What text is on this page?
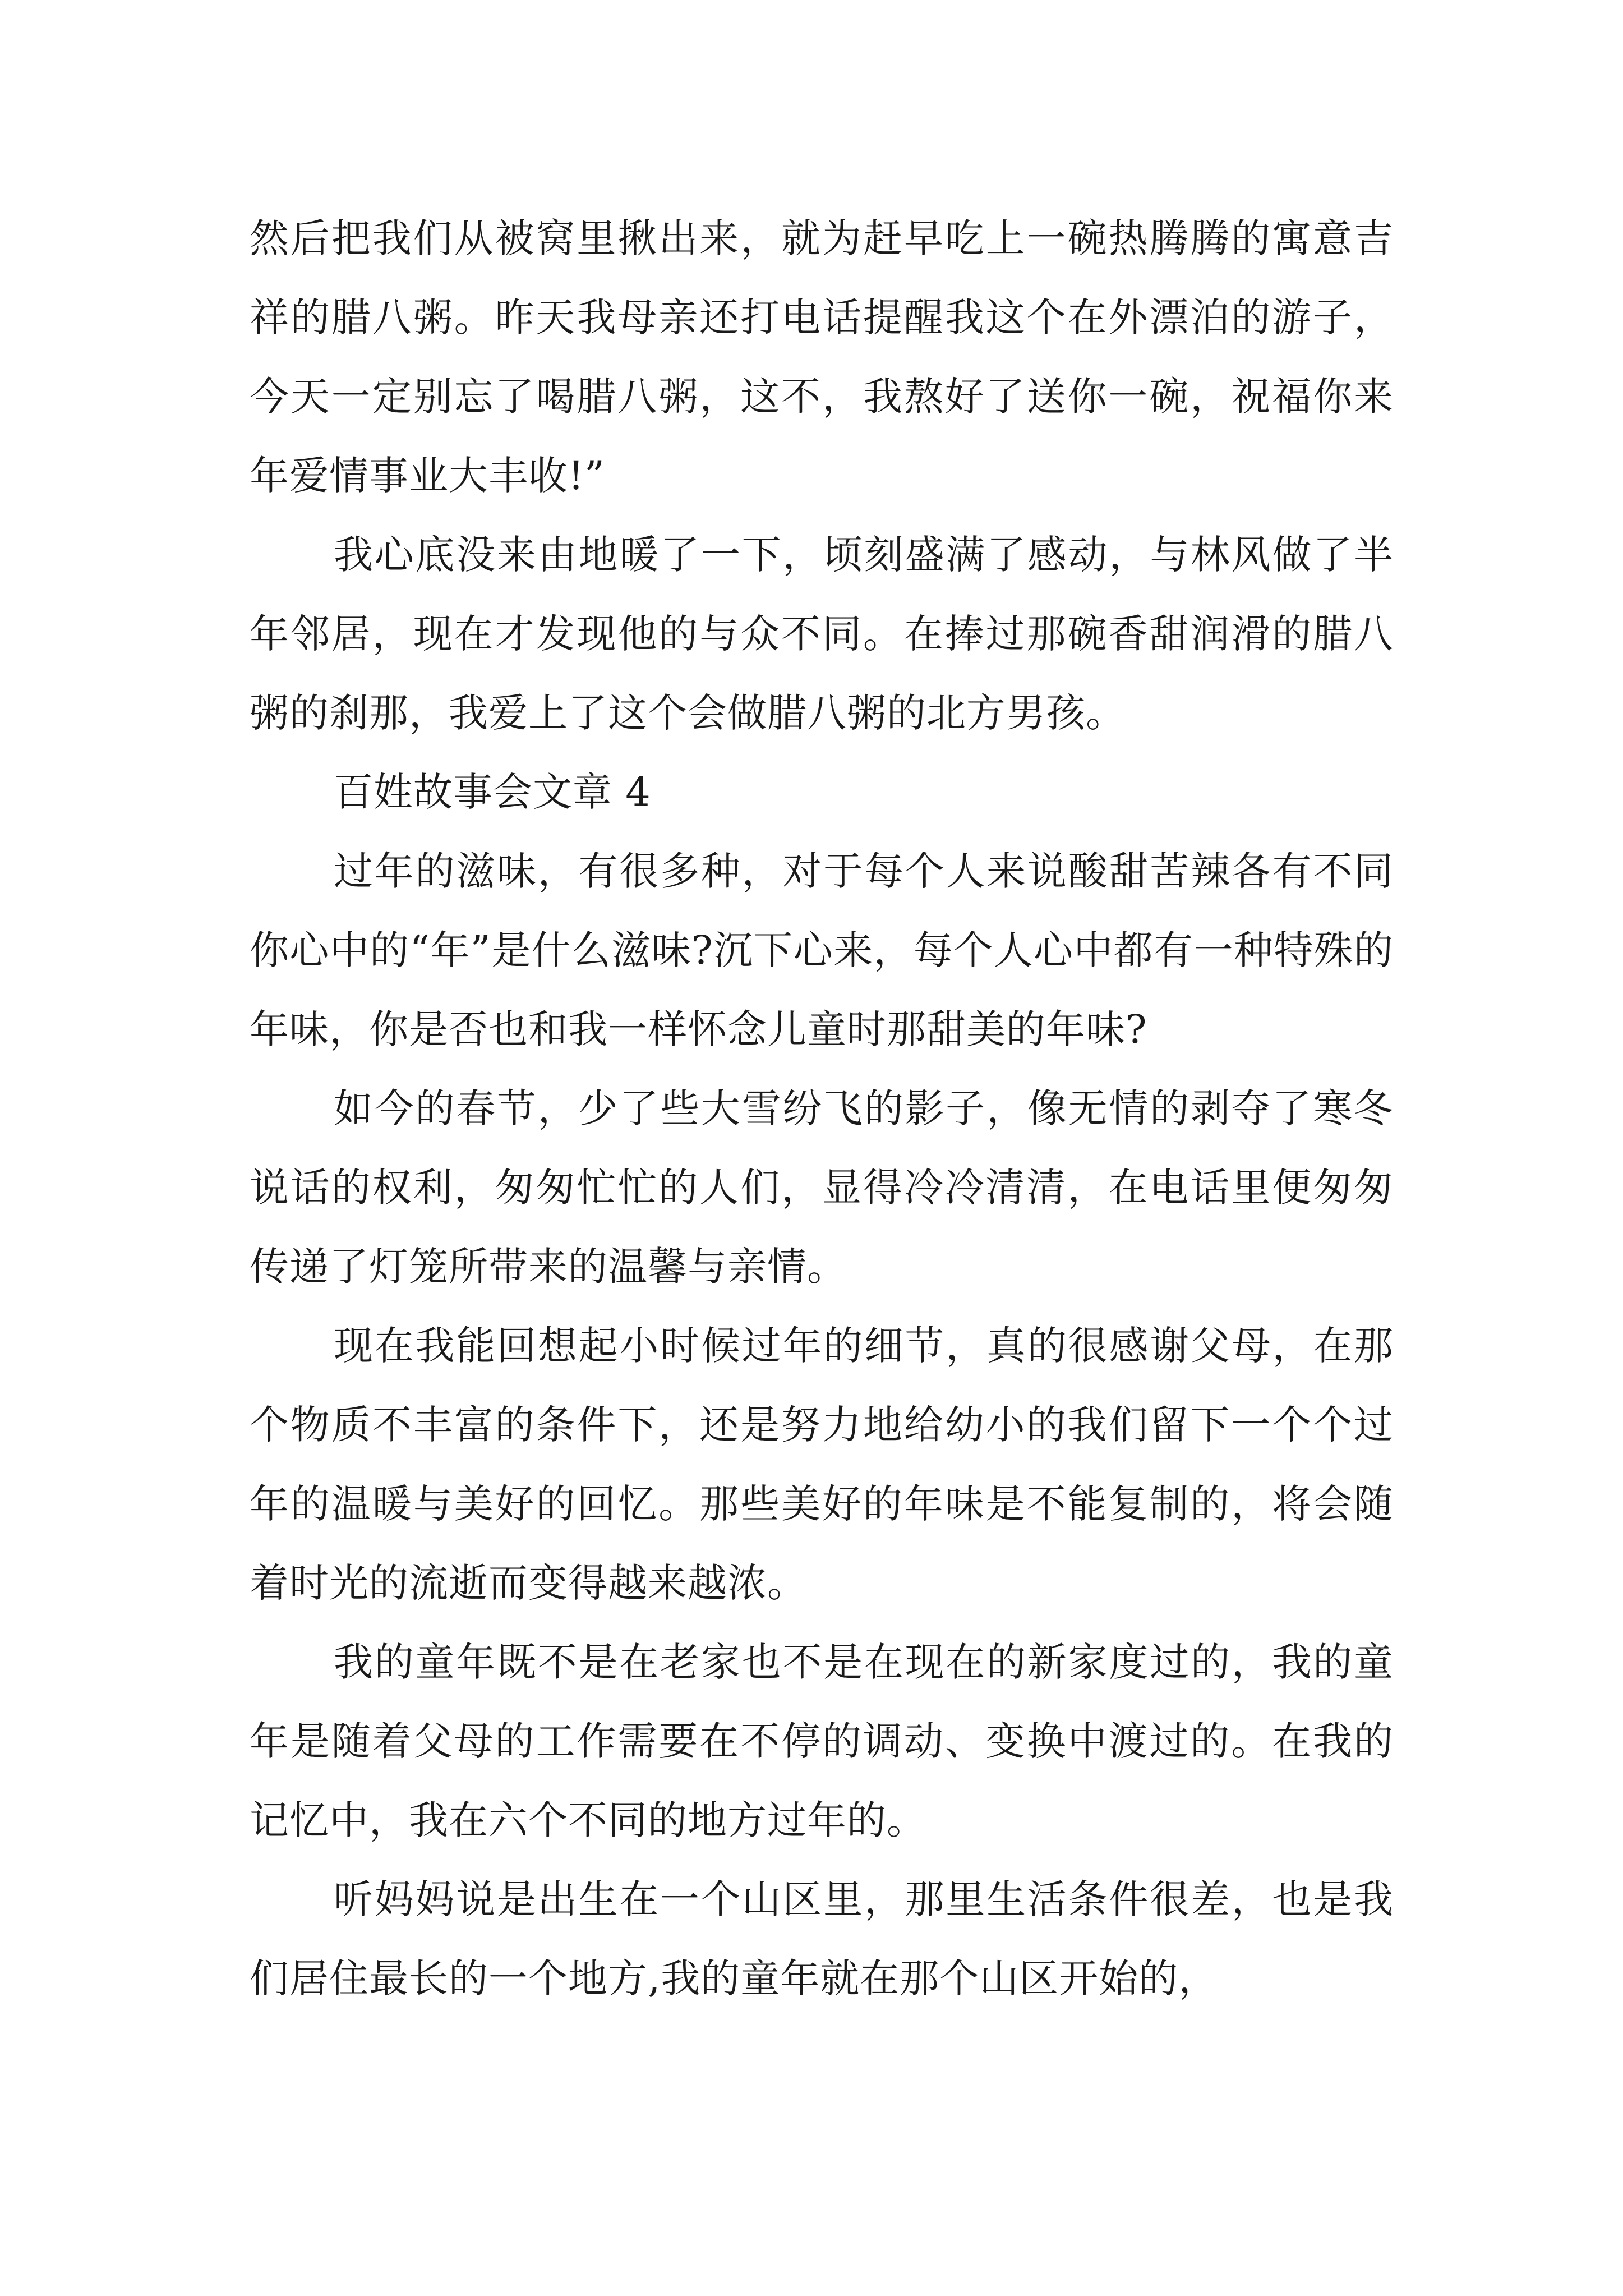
然后把我们从被窝里揪出来，就为赶早吃上一碗热腾腾的寓意吉祥的腊八粥。昨天我母亲还打电话提醒我这个在外漂泊的游子，今天一定别忘了喝腊八粥，这不，我熬好了送你一碗，祝福你来年爱情事业大丰收!”

我心底没来由地暖了一下，顷刻盛满了感动，与林风做了半年邻居，现在才发现他的与众不同。在捧过那碗香甜润滑的腊八粥的刹那，我爱上了这个会做腊八粥的北方男孩。

百姓故事会文章 4

过年的滋味，有很多种，对于每个人来说酸甜苦辣各有不同你心中的“年”是什么滋味?沉下心来，每个人心中都有一种特殊的年味，你是否也和我一样怀念儿童时那甜美的年味?

如今的春节，少了些大雪纷飞的影子，像无情的剥夺了寒冬说话的权利，匆匆忙忙的人们，显得冷冷清清，在电话里便匆匆传递了灯笼所带来的温馨与亲情。

现在我能回想起小时候过年的细节，真的很感谢父母，在那个物质不丰富的条件下，还是努力地给幼小的我们留下一个个过年的温暖与美好的回忆。那些美好的年味是不能复制的，将会随着时光的流逝而变得越来越浓。

我的童年既不是在老家也不是在现在的新家度过的，我的童年是随着父母的工作需要在不停的调动、变换中渡过的。在我的记忆中，我在六个不同的地方过年的。

听妈妈说是出生在一个山区里，那里生活条件很差，也是我们居住最长的一个地方,我的童年就在那个山区开始的，
